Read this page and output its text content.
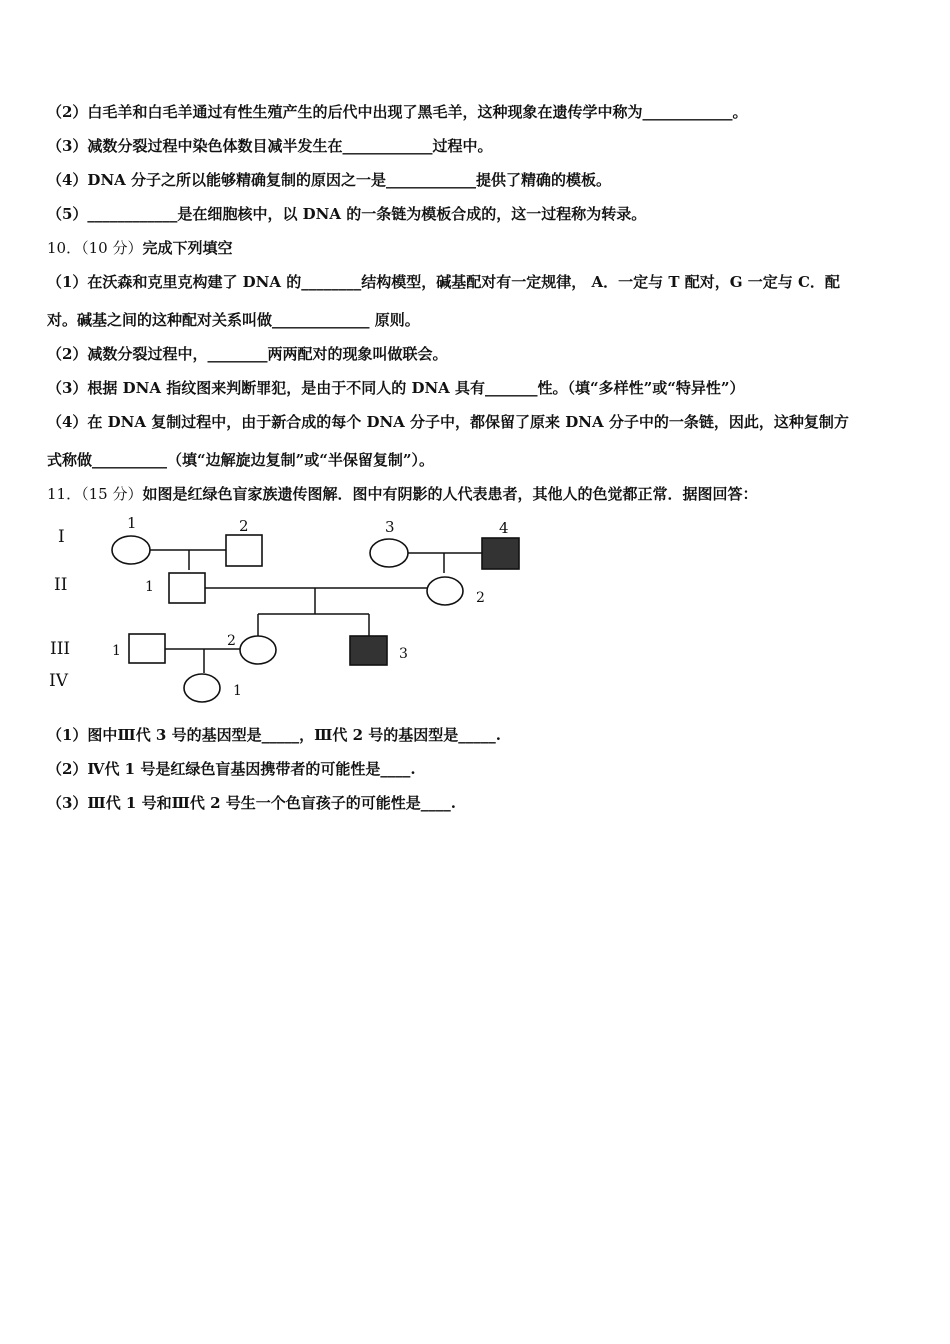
（2）白毛羊和白毛羊通过有性生殖产生的后代中出现了黑毛羊，这种现象在遗传学中称为____________。
（3）减数分裂过程中染色体数目减半发生在____________过程中。
（4）DNA 分子之所以能够精确复制的原因之一是____________提供了精确的模板。
（5）____________是在细胞核中，以 DNA 的一条链为模板合成的，这一过程称为转录。
10．（10 分）完成下列填空
（1）在沃森和克里克构建了 DNA 的________结构模型，碱基配对有一定规律， A．一定与 T 配对，G 一定与 C．配
对。碱基之间的这种配对关系叫做_____________ 原则。
（2）减数分裂过程中，________两两配对的现象叫做联会。
（3）根据 DNA 指纹图来判断罪犯，是由于不同人的 DNA 具有_______性。（填“多样性”或“特异性”）
（4）在 DNA 复制过程中，由于新合成的每个 DNA 分子中，都保留了原来 DNA 分子中的一条链，因此，这种复制方
式称做__________（填“边解旋边复制”或“半保留复制”）。
11．（15 分）如图是红绿色盲家族遗传图解．图中有阴影的人代表患者，其他人的色觉都正常．据图回答：
I
II
III
IV
1	2	3	4
1
2
1
2
3
1
（1）图中Ⅲ代 3 号的基因型是_____，Ⅲ代 2 号的基因型是_____.
（2）Ⅳ代 1 号是红绿色盲基因携带者的可能性是____.
（3）Ⅲ代 1 号和Ⅲ代 2 号生一个色盲孩子的可能性是____.
